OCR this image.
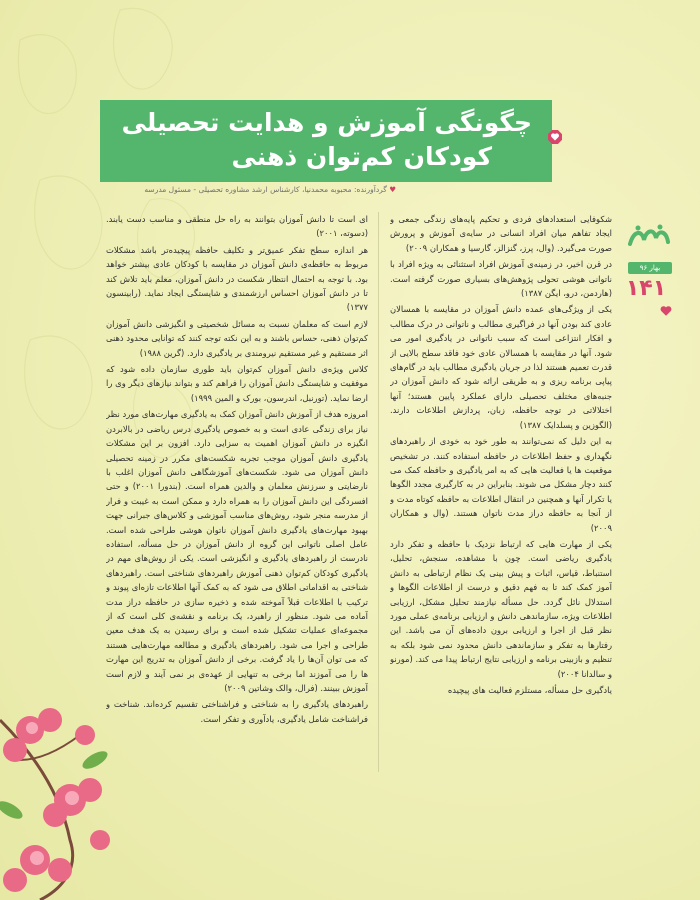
چگونگی آموزش و هدایت تحصیلی
کودکان کم‌توان ذهنی
♥ گردآورنده: محبوبه محمدنیا، کارشناس ارشد مشاوره تحصیلی - مسئول مدرسه
بهار ۹۶
۱۴۱

شکوفایی استعدادهای فردی و تحکیم پایه‌های زندگی جمعی و ایجاد تفاهم میان افراد انسانی در سایه‌ی آموزش و پرورش صورت می‌گیرد. (وال، پرز، گنزالز، گارسیا و همکاران ۲۰۰۹)

در قرن اخیر، در زمینه‌ی آموزش افراد استثنائی به ویژه افراد با ناتوانی هوشی تحولی پژوهش‌های بسیاری صورت گرفته است. (هاردمن، درو، ایگن ۱۳۸۷)

یکی از ویژگی‌های عمده دانش آموزان در مقایسه با همسالان عادی کند بودن آنها در فراگیری مطالب و ناتوانی در درک مطالب و افکار انتزاعی است که سبب ناتوانی در یادگیری امور می شود. آنها در مقایسه با همسالان عادی خود فاقد سطح بالایی از قدرت تعمیم هستند لذا در جریان یادگیری مطالب باید در گام‌های پیاپی برنامه ریزی و به طریقی ارائه شود که دانش آموزان در جنبه‌های مختلف تحصیلی دارای عملکرد پایین هستند؛ آنها اختلالاتی در توجه حافظه، زبان، پردازش اطلاعات دارند. (الگوزین و پسلدایک ۱۳۸۷)

به این دلیل که نمی‌توانند به طور خود به خودی از راهبردهای نگهداری و حفظ اطلاعات در حافظه استفاده کنند. در تشخیص موقعیت ها یا فعالیت هایی که به امر یادگیری و حافظه کمک می کنند دچار مشکل می شوند. بنابراین در به کارگیری مجدد الگوها یا تکرار آنها و همچنین در انتقال اطلاعات به حافظه کوتاه مدت و از آنجا به حافظه دراز مدت ناتوان هستند. (وال و همکاران ۲۰۰۹)

یکی از مهارت هایی که ارتباط نزدیک با حافظه و تفکر دارد یادگیری ریاضی است. چون با مشاهده، سنجش، تحلیل، استنباط، قیاس، اثبات و پیش بینی یک نظام ارتباطی به دانش آموز کمک کند تا به فهم دقیق و درست از اطلاعات الگوها و استدلال نائل گردد. حل مسأله نیازمند تحلیل مشکل، ارزیابی اطلاعات ویژه، سازماندهی دانش و ارزیابی برنامه‌ی عملی مورد نظر قبل از اجرا و ارزیابی برون داده‌های آن می باشد. این رفتارها به تفکر و سازماندهی دانش محدود نمی شود بلکه به تنظیم و بازبینی برنامه و ارزیابی نتایج ارتباط پیدا می کند. (مورنو و سالدانا ۲۰۰۴)

یادگیری حل مسأله، مستلزم فعالیت های پیچیده

ای است تا دانش آموزان بتوانند به راه حل منطقی و مناسب دست یابند. (دسوته، ۲۰۰۱)

هر اندازه سطح تفکر عمیق‌تر و تکلیف حافظه پیچیده‌تر باشد مشکلات مربوط به حافظه‌ی دانش آموزان در مقایسه با کودکان عادی بیشتر خواهد بود. با توجه به احتمال انتظار شکست در دانش آموزان، معلم باید تلاش کند تا در دانش آموزان احساس ارزشمندی و شایستگی ایجاد نماید. (رابینسون ۱۳۷۷)

لازم است که معلمان نسبت به مسائل شخصیتی و انگیزشی دانش آموزان کم‌توان ذهنی، حساس باشند و به این نکته توجه کنند که توانایی محدود ذهنی اثر مستقیم و غیر مستقیم نیرومندی بر یادگیری دارد. (گرین ۱۹۸۸)

کلاس ویژه‌ی دانش آموزان کم‌توان باید طوری سازمان داده شود که موفقیت و شایستگی دانش آموزان را فراهم کند و بتواند نیازهای دیگر وی را ارضا نماید. (تورنبل، اندرسون، بورک و المین ۱۹۹۹)

امروزه هدف از آموزش دانش آموزان کمک به یادگیری مهارت‌های مورد نظر نیاز برای زندگی عادی است و به خصوص یادگیری درس ریاضی در بالابردن انگیزه در دانش آموزان اهمیت به سزایی دارد. افزون بر این مشکلات یادگیری دانش آموزان موجب تجربه شکست‌های مکرر در زمینه تحصیلی دانش آموزان می شود. شکست‌های آموزشگاهی دانش آموزان اغلب با نارضایتی و سرزنش معلمان و والدین همراه است. (بندورا ۲۰۰۱) و حتی افسردگی این دانش آموزان را به همراه دارد و ممکن است به غیبت و فرار از مدرسه منجر شود، روش‌های مناسب آموزشی و کلاس‌های جبرانی جهت بهبود مهارت‌های یادگیری دانش آموزان ناتوان هوشی طراحی شده است. عامل اصلی ناتوانی این گروه از دانش آموزان در حل مسأله، استفاده نادرست از راهبردهای یادگیری و انگیزشی است. یکی از روش‌های مهم در یادگیری کودکان کم‌توان ذهنی آموزش راهبردهای شناختی است. راهبردهای شناختی به اقداماتی اطلاق می شود که به کمک آنها اطلاعات تازه‌ای پیوند و ترکیب با اطلاعات قبلاً آموخته شده و ذخیره سازی در حافظه دراز مدت آماده می شود. منظور از راهبرد، یک برنامه و نقشه‌ی کلی است که از مجموعه‌ای عملیات تشکیل شده است و برای رسیدن به یک هدف معین طراحی و اجرا می شود. راهبردهای یادگیری و مطالعه مهارت‌هایی هستند که می توان آن‌ها را یاد گرفت. برخی از دانش آموزان به تدریج این مهارت ها را می آموزند اما برخی به تنهایی از عهده‌ی بر نمی آیند و لازم است آموزش ببینند. (فرال، والک وشاتین ۲۰۰۹)

راهبردهای یادگیری را به شناختی و فراشناختی تقسیم کرده‌اند. شناخت و فراشناخت شامل یادگیری، یادآوری و تفکر است.
